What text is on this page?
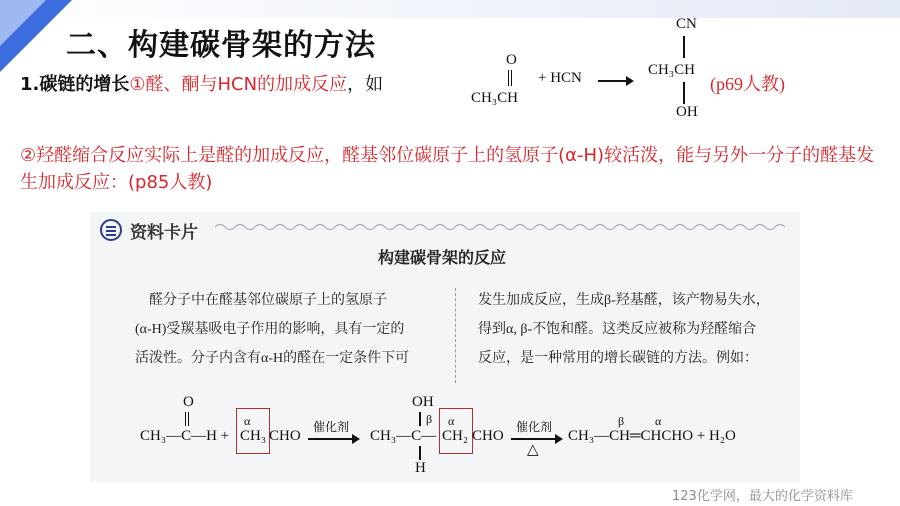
二、构建碳骨架的方法
1.碳链的增长①醛、酮与HCN的加成反应，如
O
CH₃CH
+ HCN
CN
CH₃CH
OH
(p69人教)
②羟醛缩合反应实际上是醛的加成反应，醛基邻位碳原子上的氢原子(α-H)较活泼，能与另外一分子的醛基发生加成反应：(p85人教)
资料卡片
构建碳骨架的反应
醛分子中在醛基邻位碳原子上的氢原子
(α-H)受羰基吸电子作用的影响，具有一定的
活泼性。分子内含有α-H的醛在一定条件下可
发生加成反应，生成β-羟基醛，该产物易失水，
得到α, β-不饱和醛。这类反应被称为羟醛缩合
反应，是一种常用的增长碳链的方法。例如：
O
CH₃—C—H +
α
CH₃ CHO
催化剂
OH
β
CH₃—C—
α
CH₂ CHO
H
催化剂
△
β	α
CH₃—CH═CHCHO + H₂O
123化学网，最大的化学资料库
